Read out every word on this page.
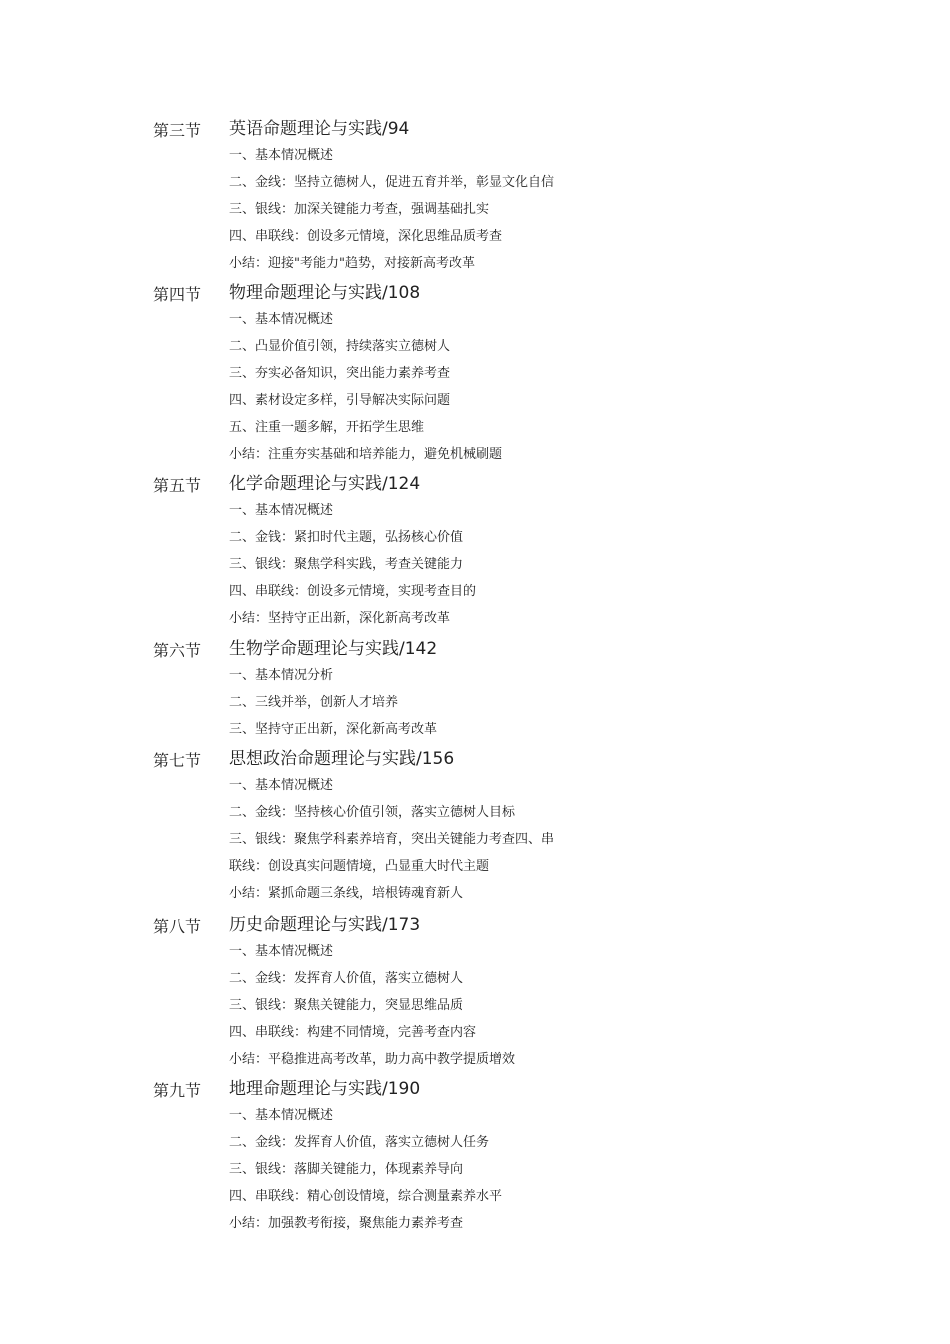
第三节 英语命题理论与实践/94
一、基本情况概述
二、金线：坚持立德树人，促进五育并举，彰显文化自信
三、银线：加深关键能力考查，强调基础扎实
四、串联线：创设多元情境，深化思维品质考查
小结：迎接"考能力"趋势，对接新高考改革
第四节 物理命题理论与实践/108
一、基本情况概述
二、凸显价值引领，持续落实立德树人
三、夯实必备知识，突出能力素养考查
四、素材设定多样，引导解决实际问题
五、注重一题多解，开拓学生思维
小结：注重夯实基础和培养能力，避免机械刷题
第五节 化学命题理论与实践/124
一、基本情况概述
二、金钱：紧扣时代主题，弘扬核心价值
三、银线：聚焦学科实践，考查关键能力
四、串联线：创设多元情境，实现考查目的
小结：坚持守正出新，深化新高考改革
第六节 生物学命题理论与实践/142
一、基本情况分析
二、三线并举，创新人才培养
三、坚持守正出新，深化新高考改革
第七节 思想政治命题理论与实践/156
一、基本情况概述
二、金线：坚持核心价值引领，落实立德树人目标
三、银线：聚焦学科素养培育，突出关键能力考查四、串
联线：创设真实问题情境，凸显重大时代主题
小结：紧抓命题三条线，培根铸魂育新人
第八节 历史命题理论与实践/173
一、基本情况概述
二、金线：发挥育人价值，落实立德树人
三、银线：聚焦关键能力，突显思维品质
四、串联线：构建不同情境，完善考查内容
小结：平稳推进高考改革，助力高中教学提质增效
第九节 地理命题理论与实践/190
一、基本情况概述
二、金线：发挥育人价值，落实立德树人任务
三、银线：落脚关键能力，体现素养导向
四、串联线：精心创设情境，综合测量素养水平
小结：加强教考衔接，聚焦能力素养考查
